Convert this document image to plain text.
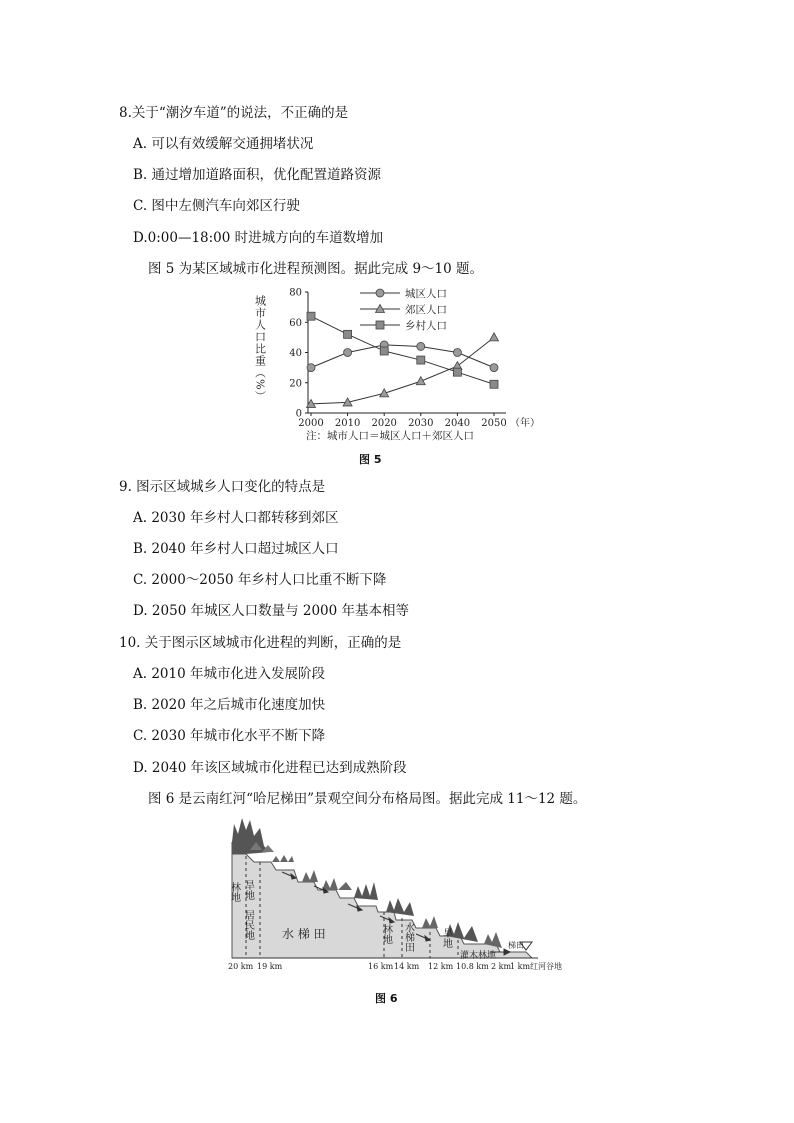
8.关于“潮汐车道”的说法，不正确的是
A. 可以有效缓解交通拥堵状况
B. 通过增加道路面积，优化配置道路资源
C. 图中左侧汽车向郊区行驶
D.0:00—18:00 时进城方向的车道数增加
图 5 为某区域城市化进程预测图。据此完成 9～10 题。
0
20
40
60
80
2000 2010 2020 2030 2040 2050 （年）
城市人口比重（%）
注：城市人口＝城区人口＋郊区人口
城区人口
郊区人口
乡村人口
图 5
9. 图示区域城乡人口变化的特点是
A. 2030 年乡村人口都转移到郊区
B. 2040 年乡村人口超过城区人口
C. 2000～2050 年乡村人口比重不断下降
D. 2050 年城区人口数量与 2000 年基本相等
10. 关于图示区域城市化进程的判断，正确的是
A. 2010 年城市化进入发展阶段
B. 2020 年之后城市化速度加快
C. 2030 年城市化水平不断下降
D. 2040 年该区域城市化进程已达到成熟阶段
图 6 是云南红河“哈尼梯田”景观空间分布格局图。据此完成 11～12 题。
林地 旱地
居民地 水 梯 田	林地 水梯田	旱地
灌木林地
梯田
20 km 19 km	16 km 14 km 12 km 10.8 km 2 km
1 km 红河谷地
图 6
